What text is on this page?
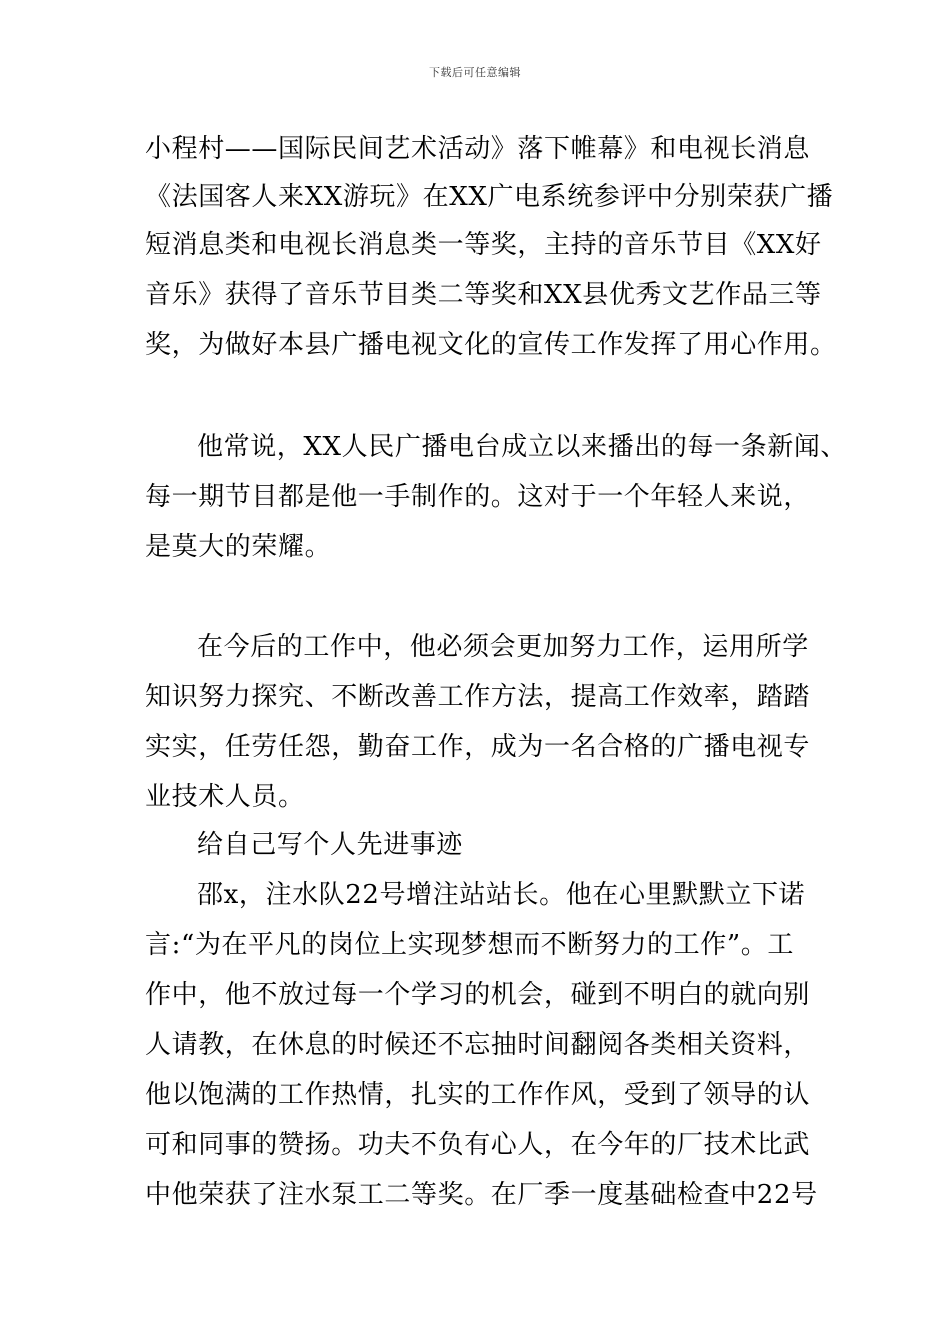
下载后可任意编辑
小程村——国际民间艺术活动》落下帷幕》和电视长消息
《法国客人来XX游玩》在XX广电系统参评中分别荣获广播
短消息类和电视长消息类一等奖，主持的音乐节目《XX好
音乐》获得了音乐节目类二等奖和XX县优秀文艺作品三等
奖，为做好本县广播电视文化的宣传工作发挥了用心作用。
他常说，XX人民广播电台成立以来播出的每一条新闻、
每一期节目都是他一手制作的。这对于一个年轻人来说，
是莫大的荣耀。
在今后的工作中，他必须会更加努力工作，运用所学
知识努力探究、不断改善工作方法，提高工作效率，踏踏
实实，任劳任怨，勤奋工作，成为一名合格的广播电视专
业技术人员。
给自己写个人先进事迹
邵x，注水队22号增注站站长。他在心里默默立下诺
言:“为在平凡的岗位上实现梦想而不断努力的工作”。工
作中，他不放过每一个学习的机会，碰到不明白的就向别
人请教，在休息的时候还不忘抽时间翻阅各类相关资料，
他以饱满的工作热情，扎实的工作作风，受到了领导的认
可和同事的赞扬。功夫不负有心人，在今年的厂技术比武
中他荣获了注水泵工二等奖。在厂季一度基础检查中22号
